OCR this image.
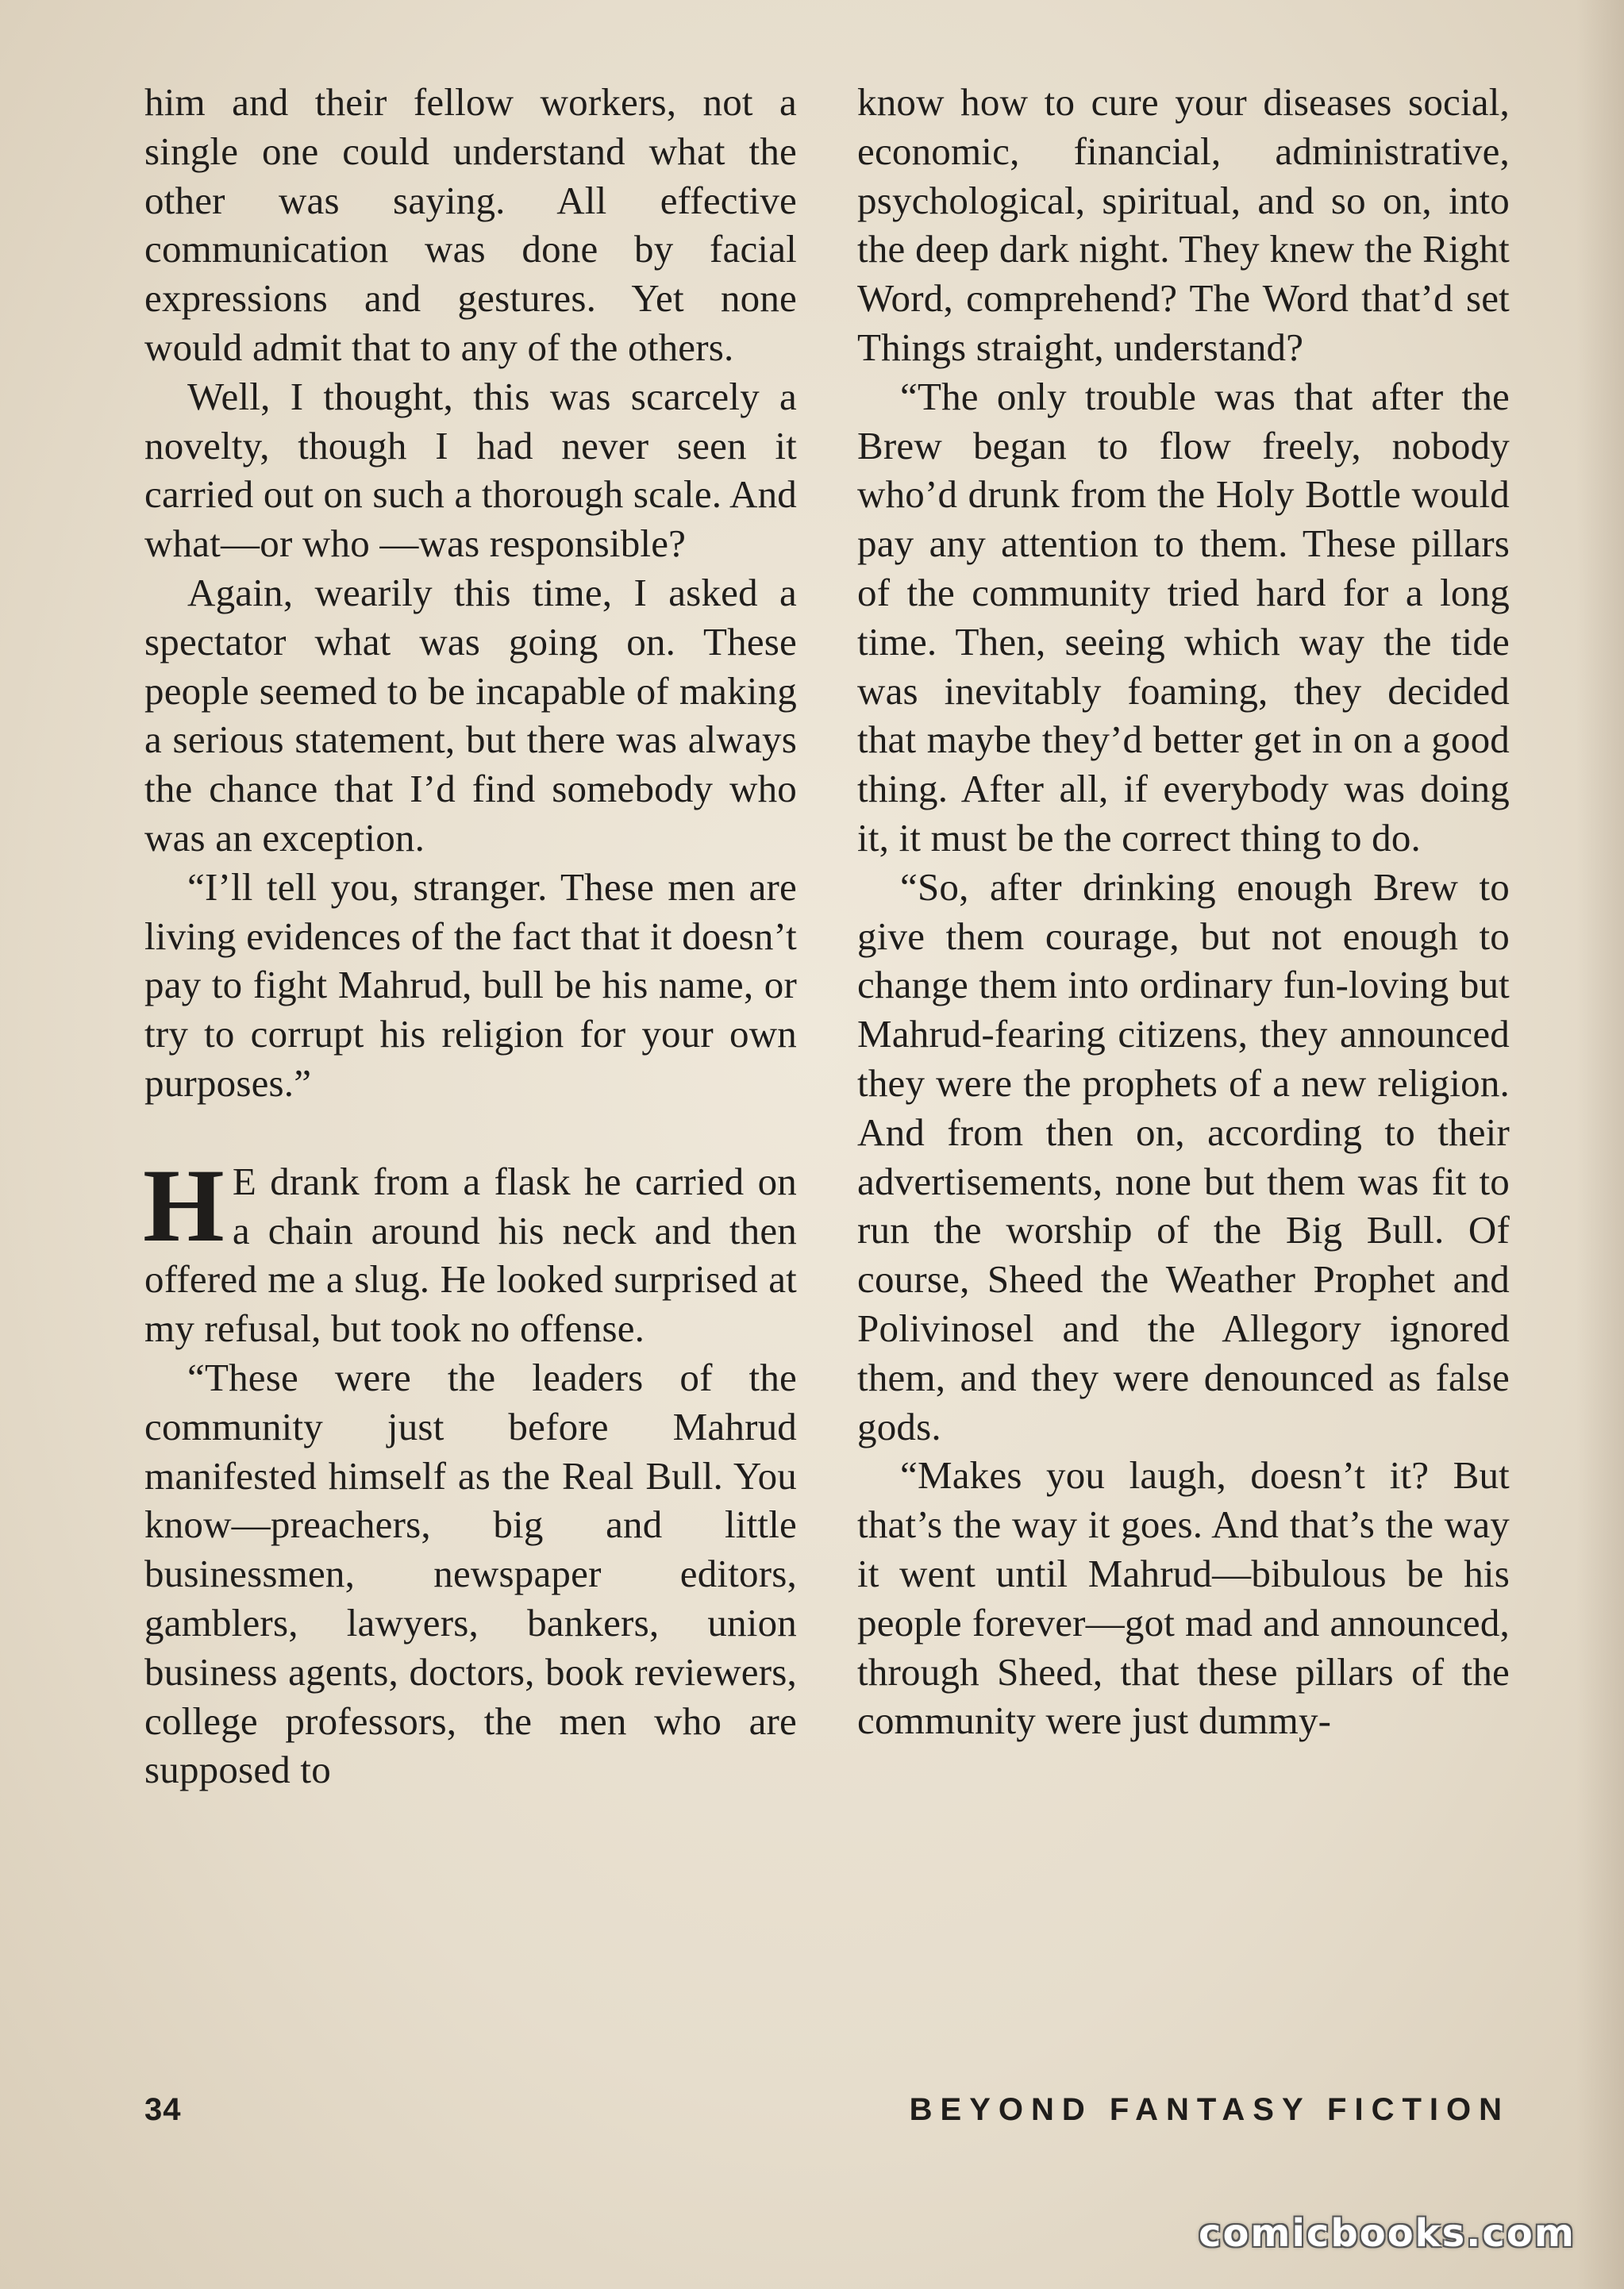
him and their fellow workers, not a single one could understand what the other was saying. All effective communication was done by facial expressions and gestures. Yet none would admit that to any of the others.

Well, I thought, this was scarcely a novelty, though I had never seen it carried out on such a thorough scale. And what—or who —was responsible?

Again, wearily this time, I asked a spectator what was going on. These people seemed to be incapable of making a serious statement, but there was always the chance that I’d find somebody who was an exception.

“I’ll tell you, stranger. These men are living evidences of the fact that it doesn’t pay to fight Mahrud, bull be his name, or try to corrupt his religion for your own purposes.”

H E drank from a flask he carried on a chain around his neck and then offered me a slug. He looked surprised at my refusal, but took no offense.

“These were the leaders of the community just before Mahrud manifested himself as the Real Bull. You know—preachers, big and little businessmen, newspaper editors, gamblers, lawyers, bankers, union business agents, doctors, book reviewers, college professors, the men who are supposed to

know how to cure your diseases social, economic, financial, administrative, psychological, spiritual, and so on, into the deep dark night. They knew the Right Word, comprehend? The Word that’d set Things straight, understand?

“The only trouble was that after the Brew began to flow freely, nobody who’d drunk from the Holy Bottle would pay any attention to them. These pillars of the community tried hard for a long time. Then, seeing which way the tide was inevitably foaming, they decided that maybe they’d better get in on a good thing. After all, if everybody was doing it, it must be the correct thing to do.

“So, after drinking enough Brew to give them courage, but not enough to change them into ordinary fun-loving but Mahrud-fearing citizens, they announced they were the prophets of a new religion. And from then on, according to their advertisements, none but them was fit to run the worship of the Big Bull. Of course, Sheed the Weather Prophet and Polivinosel and the Allegory ignored them, and they were denounced as false gods.

“Makes you laugh, doesn’t it? But that’s the way it goes. And that’s the way it went until Mahrud—bibulous be his people forever—got mad and announced, through Sheed, that these pillars of the community were just dummy-

34	BEYOND FANTASY FICTION
comicbooks.com
